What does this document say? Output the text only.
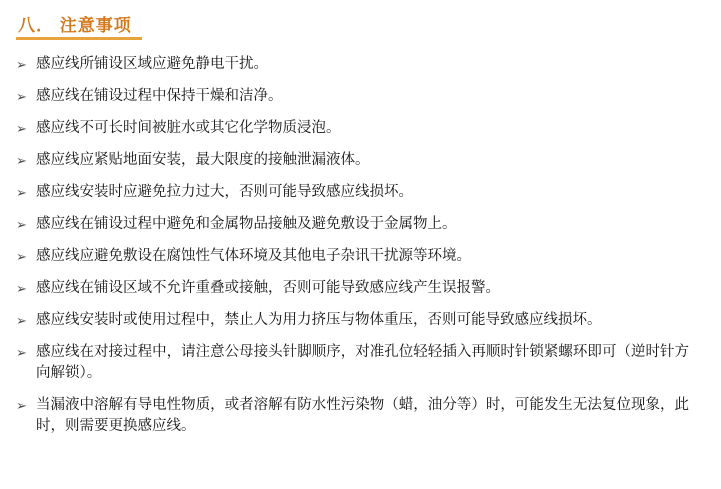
八． 注意事项
➢ 感应线所铺设区域应避免静电干扰。
➢ 感应线在铺设过程中保持干燥和洁净。
➢ 感应线不可长时间被脏水或其它化学物质浸泡。
➢ 感应线应紧贴地面安装，最大限度的接触泄漏液体。
➢ 感应线安装时应避免拉力过大，否则可能导致感应线损坏。
➢ 感应线在铺设过程中避免和金属物品接触及避免敷设于金属物上。
➢ 感应线应避免敷设在腐蚀性气体环境及其他电子杂讯干扰源等环境。
➢ 感应线在铺设区域不允许重叠或接触，否则可能导致感应线产生误报警。
➢ 感应线安装时或使用过程中，禁止人为用力挤压与物体重压，否则可能导致感应线损坏。
➢ 感应线在对接过程中，请注意公母接头针脚顺序，对准孔位轻轻插入再顺时针锁紧螺环即可（逆时针方向解锁）。
➢ 当漏液中溶解有导电性物质，或者溶解有防水性污染物（蜡，油分等）时，可能发生无法复位现象，此时，则需要更换感应线。
